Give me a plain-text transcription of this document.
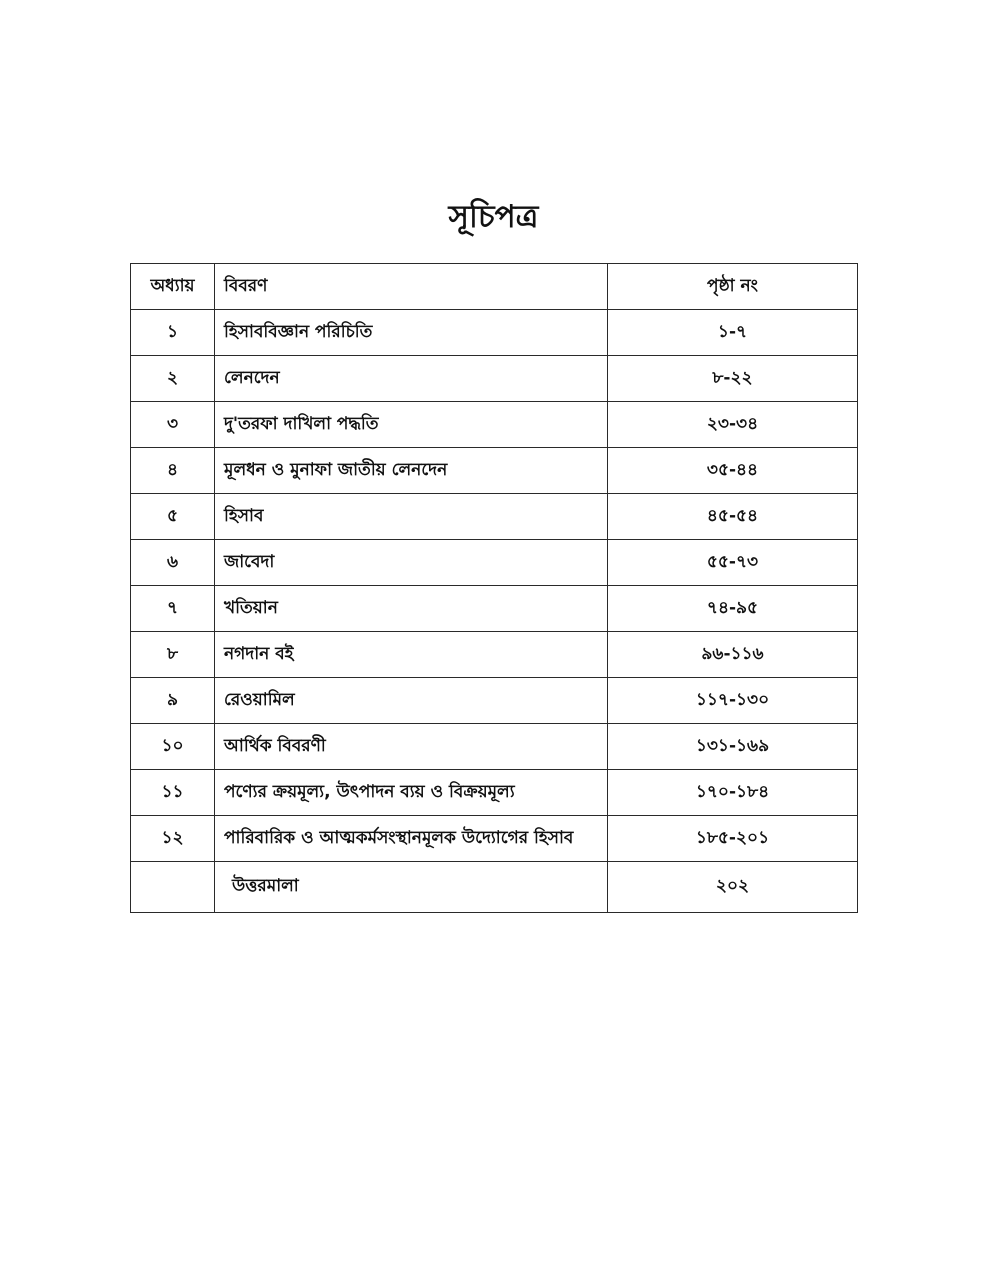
সূচিপত্র
অধ্যায়	বিবরণ	পৃষ্ঠা নং
১	হিসাববিজ্ঞান পরিচিতি	১-৭
২	লেনদেন	৮-২২
৩	দু'তরফা দাখিলা পদ্ধতি	২৩-৩৪
৪	মূলধন ও মুনাফা জাতীয় লেনদেন	৩৫-৪৪
৫	হিসাব	৪৫-৫৪
৬	জাবেদা	৫৫-৭৩
৭	খতিয়ান	৭৪-৯৫
৮	নগদান বই	৯৬-১১৬
৯	রেওয়ামিল	১১৭-১৩০
১০	আর্থিক বিবরণী	১৩১-১৬৯
১১	পণ্যের ক্রয়মূল্য, উৎপাদন ব্যয় ও বিক্রয়মূল্য	১৭০-১৮৪
১২	পারিবারিক ও আত্মকর্মসংস্থানমূলক উদ্যোগের হিসাব	১৮৫-২০১
	উত্তরমালা	২০২
